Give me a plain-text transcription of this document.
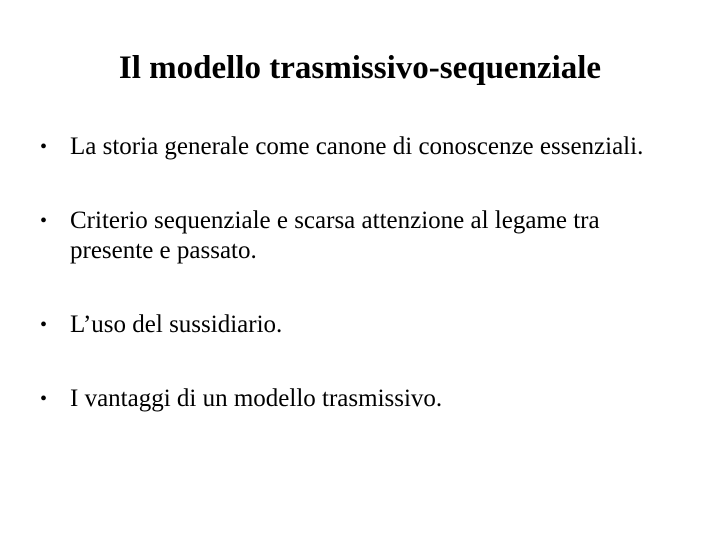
Il modello trasmissivo-sequenziale
• La storia generale come canone di conoscenze essenziali.
• Criterio sequenziale e scarsa attenzione al legame tra presente e passato.
• L’uso del sussidiario.
• I vantaggi di un modello trasmissivo.
